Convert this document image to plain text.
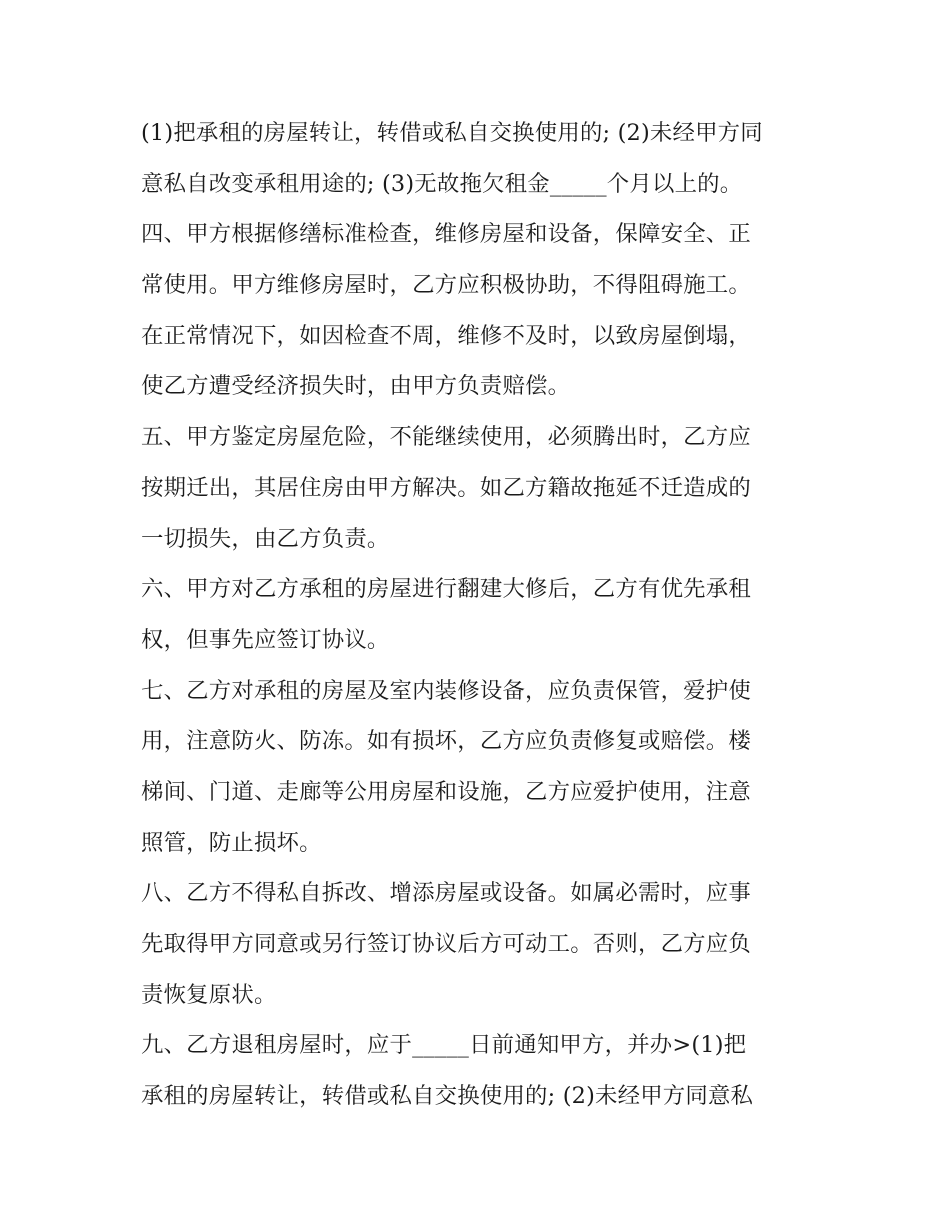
(1)把承租的房屋转让，转借或私自交换使用的; (2)未经甲方同
意私自改变承租用途的; (3)无故拖欠租金_____个月以上的。
四、甲方根据修缮标准检查，维修房屋和设备，保障安全、正
常使用。甲方维修房屋时，乙方应积极协助，不得阻碍施工。
在正常情况下，如因检查不周，维修不及时，以致房屋倒塌，
使乙方遭受经济损失时，由甲方负责赔偿。
五、甲方鉴定房屋危险，不能继续使用，必须腾出时，乙方应
按期迁出，其居住房由甲方解决。如乙方籍故拖延不迁造成的
一切损失，由乙方负责。
六、甲方对乙方承租的房屋进行翻建大修后，乙方有优先承租
权，但事先应签订协议。
七、乙方对承租的房屋及室内装修设备，应负责保管，爱护使
用，注意防火、防冻。如有损坏，乙方应负责修复或赔偿。楼
梯间、门道、走廊等公用房屋和设施，乙方应爱护使用，注意
照管，防止损坏。
八、乙方不得私自拆改、增添房屋或设备。如属必需时，应事
先取得甲方同意或另行签订协议后方可动工。否则，乙方应负
责恢复原状。
九、乙方退租房屋时，应于_____日前通知甲方，并办>(1)把
承租的房屋转让，转借或私自交换使用的; (2)未经甲方同意私
